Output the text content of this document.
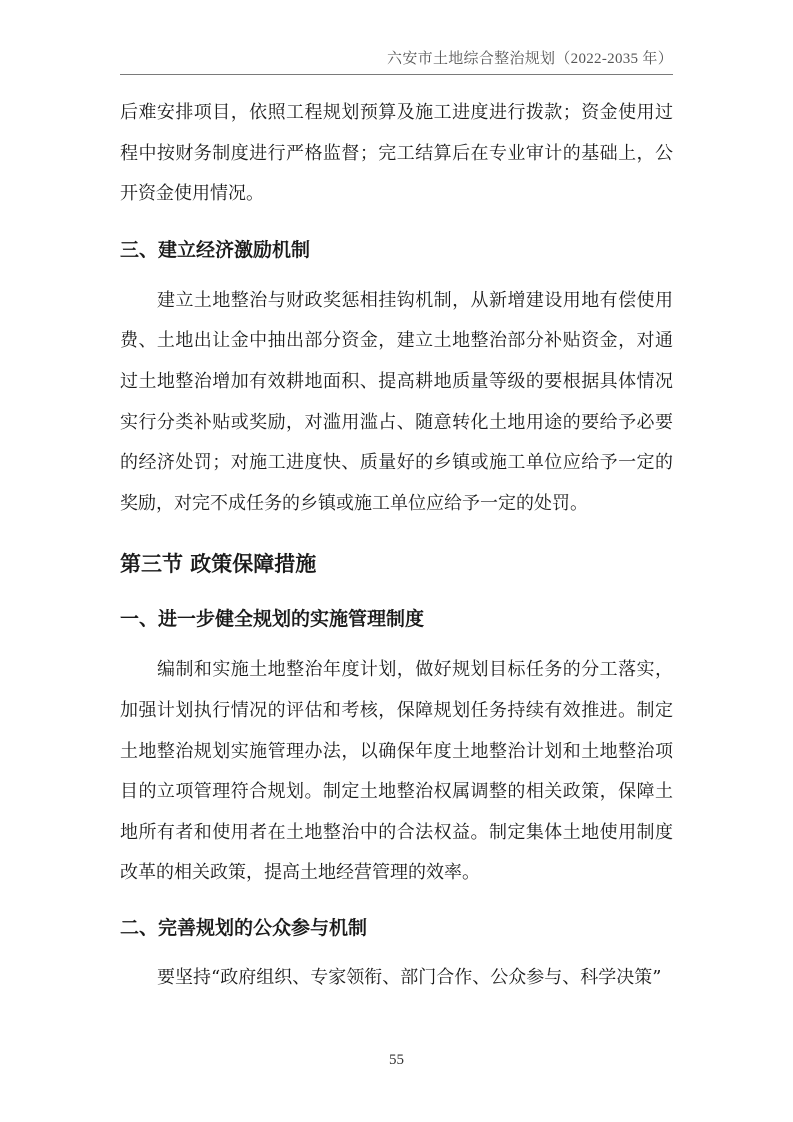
六安市土地综合整治规划（2022-2035 年）

后难安排项目，依照工程规划预算及施工进度进行拨款；资金使用过程中按财务制度进行严格监督；完工结算后在专业审计的基础上，公开资金使用情况。

三、建立经济激励机制

建立土地整治与财政奖惩相挂钩机制，从新增建设用地有偿使用费、土地出让金中抽出部分资金，建立土地整治部分补贴资金，对通过土地整治增加有效耕地面积、提高耕地质量等级的要根据具体情况实行分类补贴或奖励，对滥用滥占、随意转化土地用途的要给予必要的经济处罚；对施工进度快、质量好的乡镇或施工单位应给予一定的奖励，对完不成任务的乡镇或施工单位应给予一定的处罚。

第三节 政策保障措施

一、进一步健全规划的实施管理制度

编制和实施土地整治年度计划，做好规划目标任务的分工落实，加强计划执行情况的评估和考核，保障规划任务持续有效推进。制定土地整治规划实施管理办法，以确保年度土地整治计划和土地整治项目的立项管理符合规划。制定土地整治权属调整的相关政策，保障土地所有者和使用者在土地整治中的合法权益。制定集体土地使用制度改革的相关政策，提高土地经营管理的效率。

二、完善规划的公众参与机制

要坚持“政府组织、专家领衔、部门合作、公众参与、科学决策”

55
